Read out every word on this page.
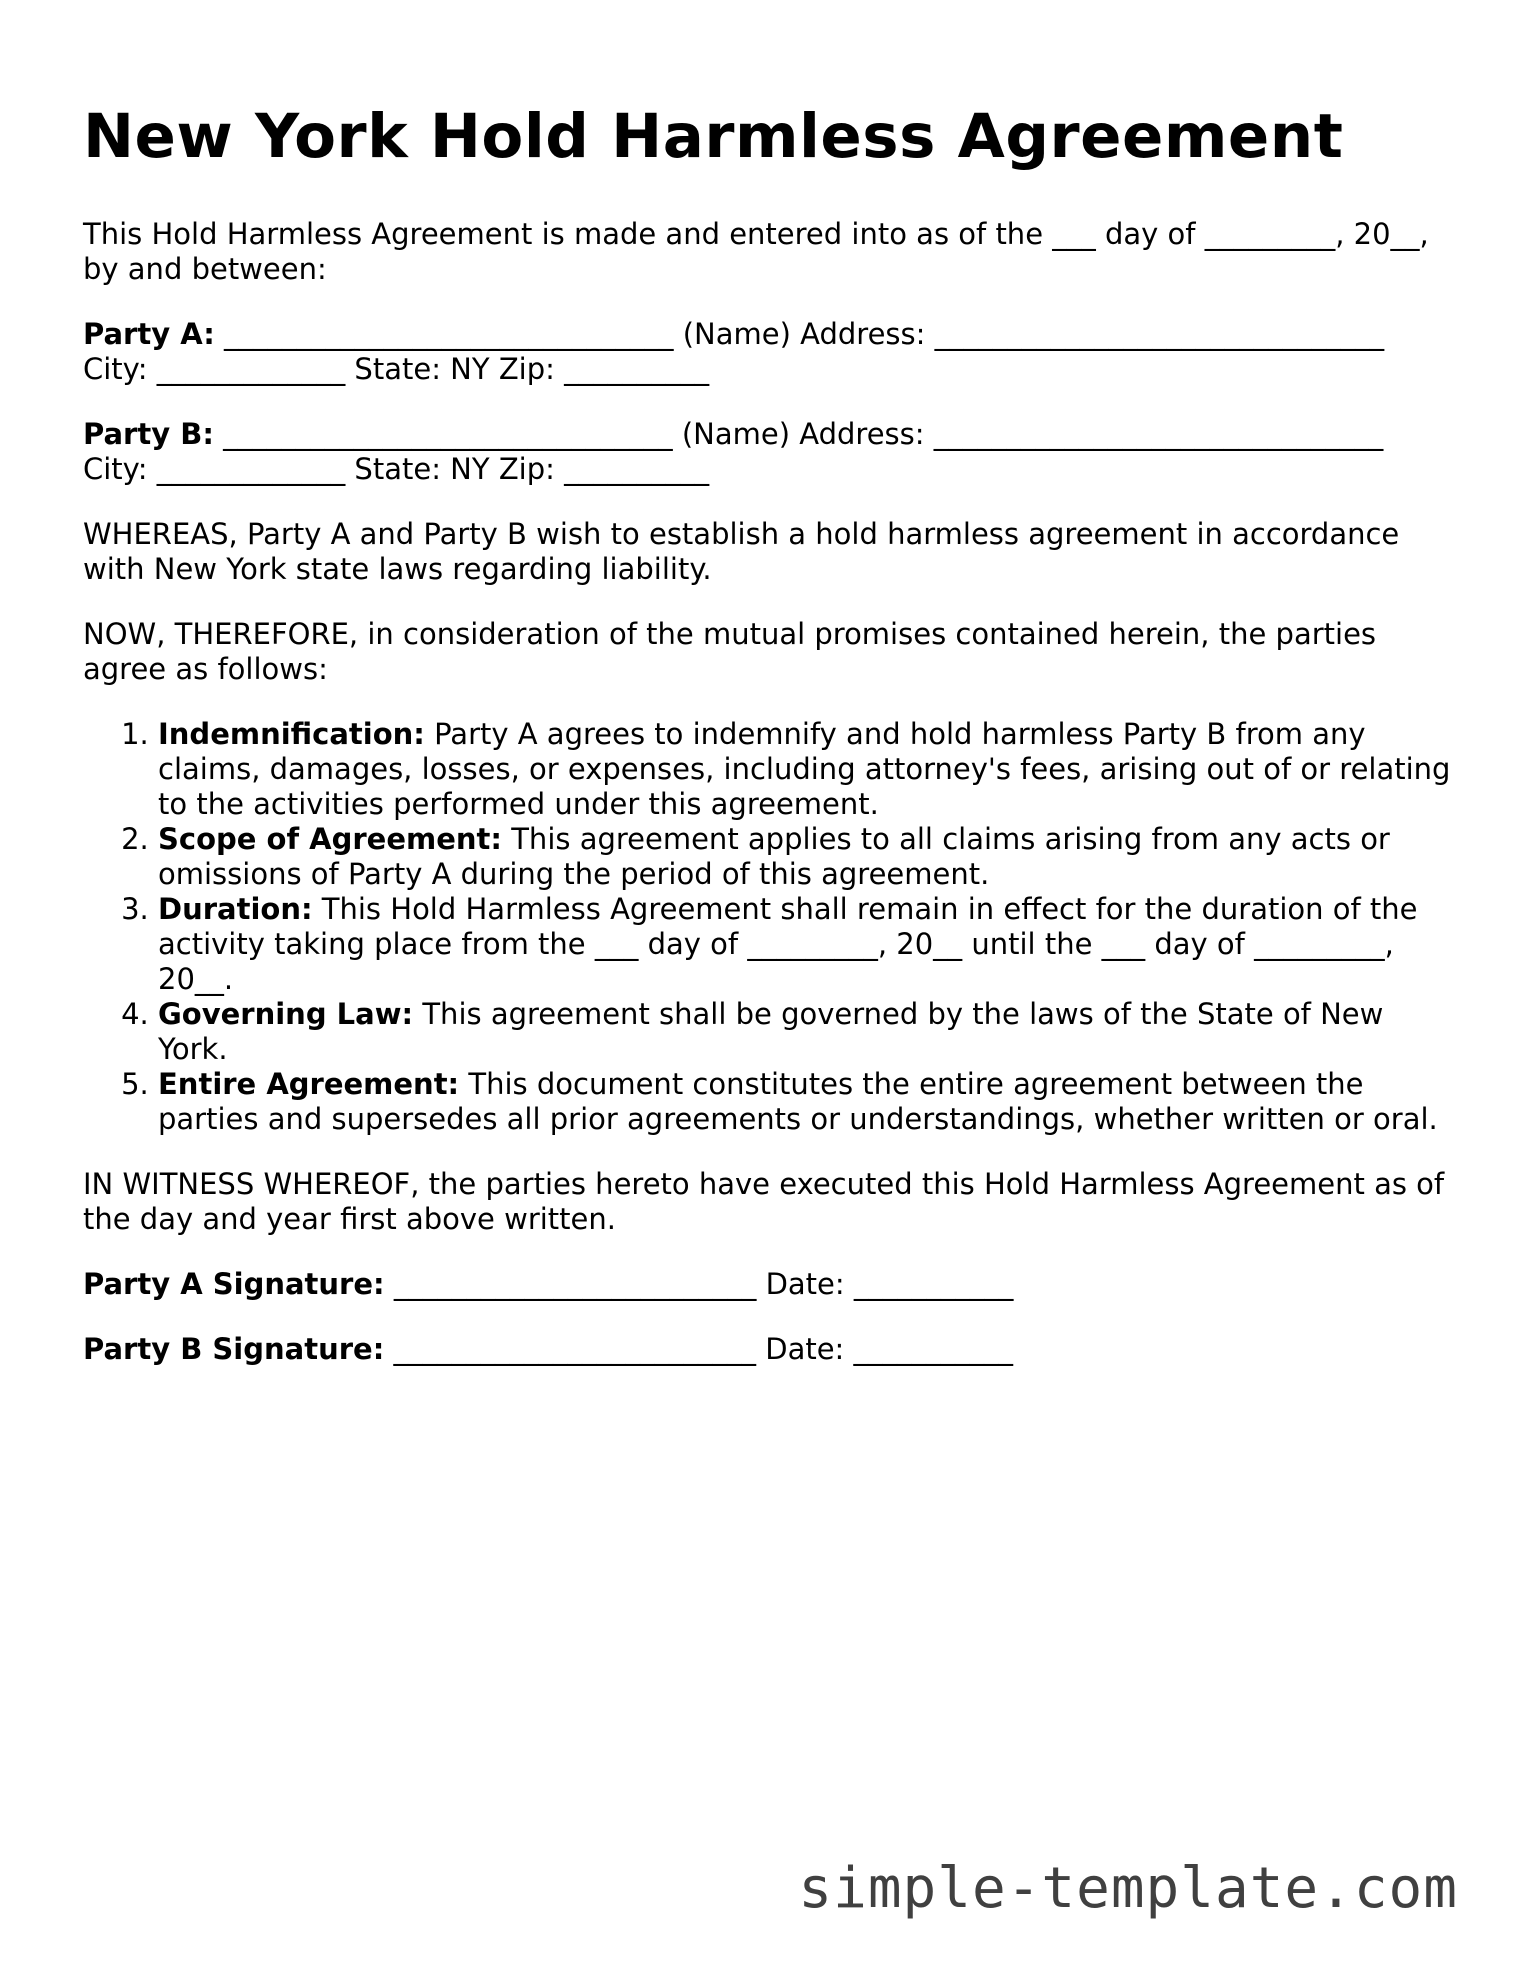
New York Hold Harmless Agreement

This Hold Harmless Agreement is made and entered into as of the ___ day of _________, 20__, by and between:

Party A: _______________________________ (Name) Address: _______________________________ City: _____________ State: NY Zip: __________

Party B: _______________________________ (Name) Address: _______________________________ City: _____________ State: NY Zip: __________

WHEREAS, Party A and Party B wish to establish a hold harmless agreement in accordance with New York state laws regarding liability.

NOW, THEREFORE, in consideration of the mutual promises contained herein, the parties agree as follows:

1. Indemnification: Party A agrees to indemnify and hold harmless Party B from any claims, damages, losses, or expenses, including attorney's fees, arising out of or relating to the activities performed under this agreement.
2. Scope of Agreement: This agreement applies to all claims arising from any acts or omissions of Party A during the period of this agreement.
3. Duration: This Hold Harmless Agreement shall remain in effect for the duration of the activity taking place from the ___ day of _________, 20__ until the ___ day of _________, 20__.
4. Governing Law: This agreement shall be governed by the laws of the State of New York.
5. Entire Agreement: This document constitutes the entire agreement between the parties and supersedes all prior agreements or understandings, whether written or oral.

IN WITNESS WHEREOF, the parties hereto have executed this Hold Harmless Agreement as of the day and year first above written.

Party A Signature: _________________________ Date: ___________

Party B Signature: _________________________ Date: ___________

simple-template.com
